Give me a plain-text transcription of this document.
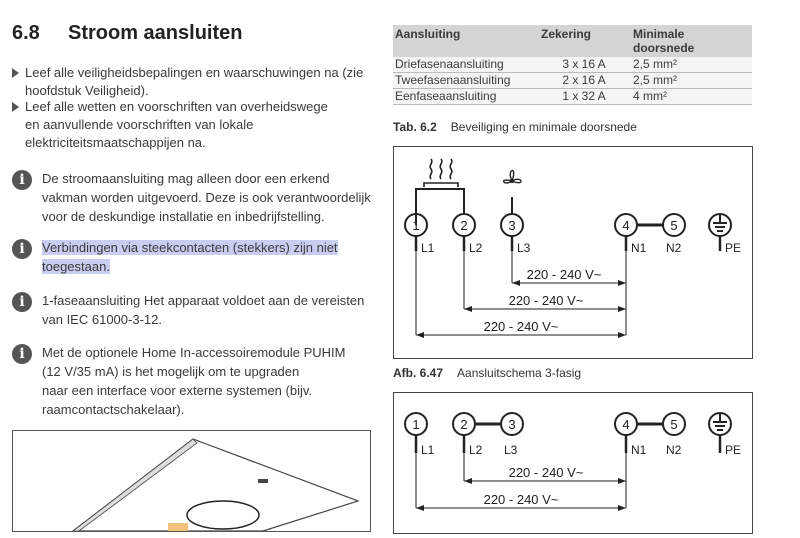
6.8 Stroom aansluiten
Leef alle veiligheidsbepalingen en waarschuwingen na (zie
hoofdstuk Veiligheid).
Leef alle wetten en voorschriften van overheidswege
en aanvullende voorschriften van lokale
elektriciteitsmaatschappijen na.
i	De stroomaansluiting mag alleen door een erkend
vakman worden uitgevoerd. Deze is ook verantwoordelijk
voor de deskundige installatie en inbedrijfstelling.
i	Verbindingen via steekcontacten (stekkers) zijn niet
toegestaan.
i	1-faseaansluiting Het apparaat voldoet aan de vereisten
van IEC 61000-3-12.
i	Met de optionele Home In-accessoiremodule PUHIM
(12 V/35 mA) is het mogelijk om te upgraden
naar een interface voor externe systemen (bijv.
raamcontactschakelaar).
Aansluiting	Zekering	Minimale
doorsnede
Driefasenaansluiting	3 x 16 A	2,5 mm²
Tweefasenaansluiting	2 x 16 A	2,5 mm²
Eenfaseaansluiting	1 x 32 A	4 mm²
Tab. 6.2 Beveiliging en minimale doorsnede
1	2	3	4	5
L1	L2	L3	N1 N2	PE
220 - 240 V~
220 - 240 V~
220 - 240 V~
Afb. 6.47 Aansluitschema 3-fasig
1	2	3	4	5
L1	L2 L3	N1 N2	PE
220 - 240 V~
220 - 240 V~
